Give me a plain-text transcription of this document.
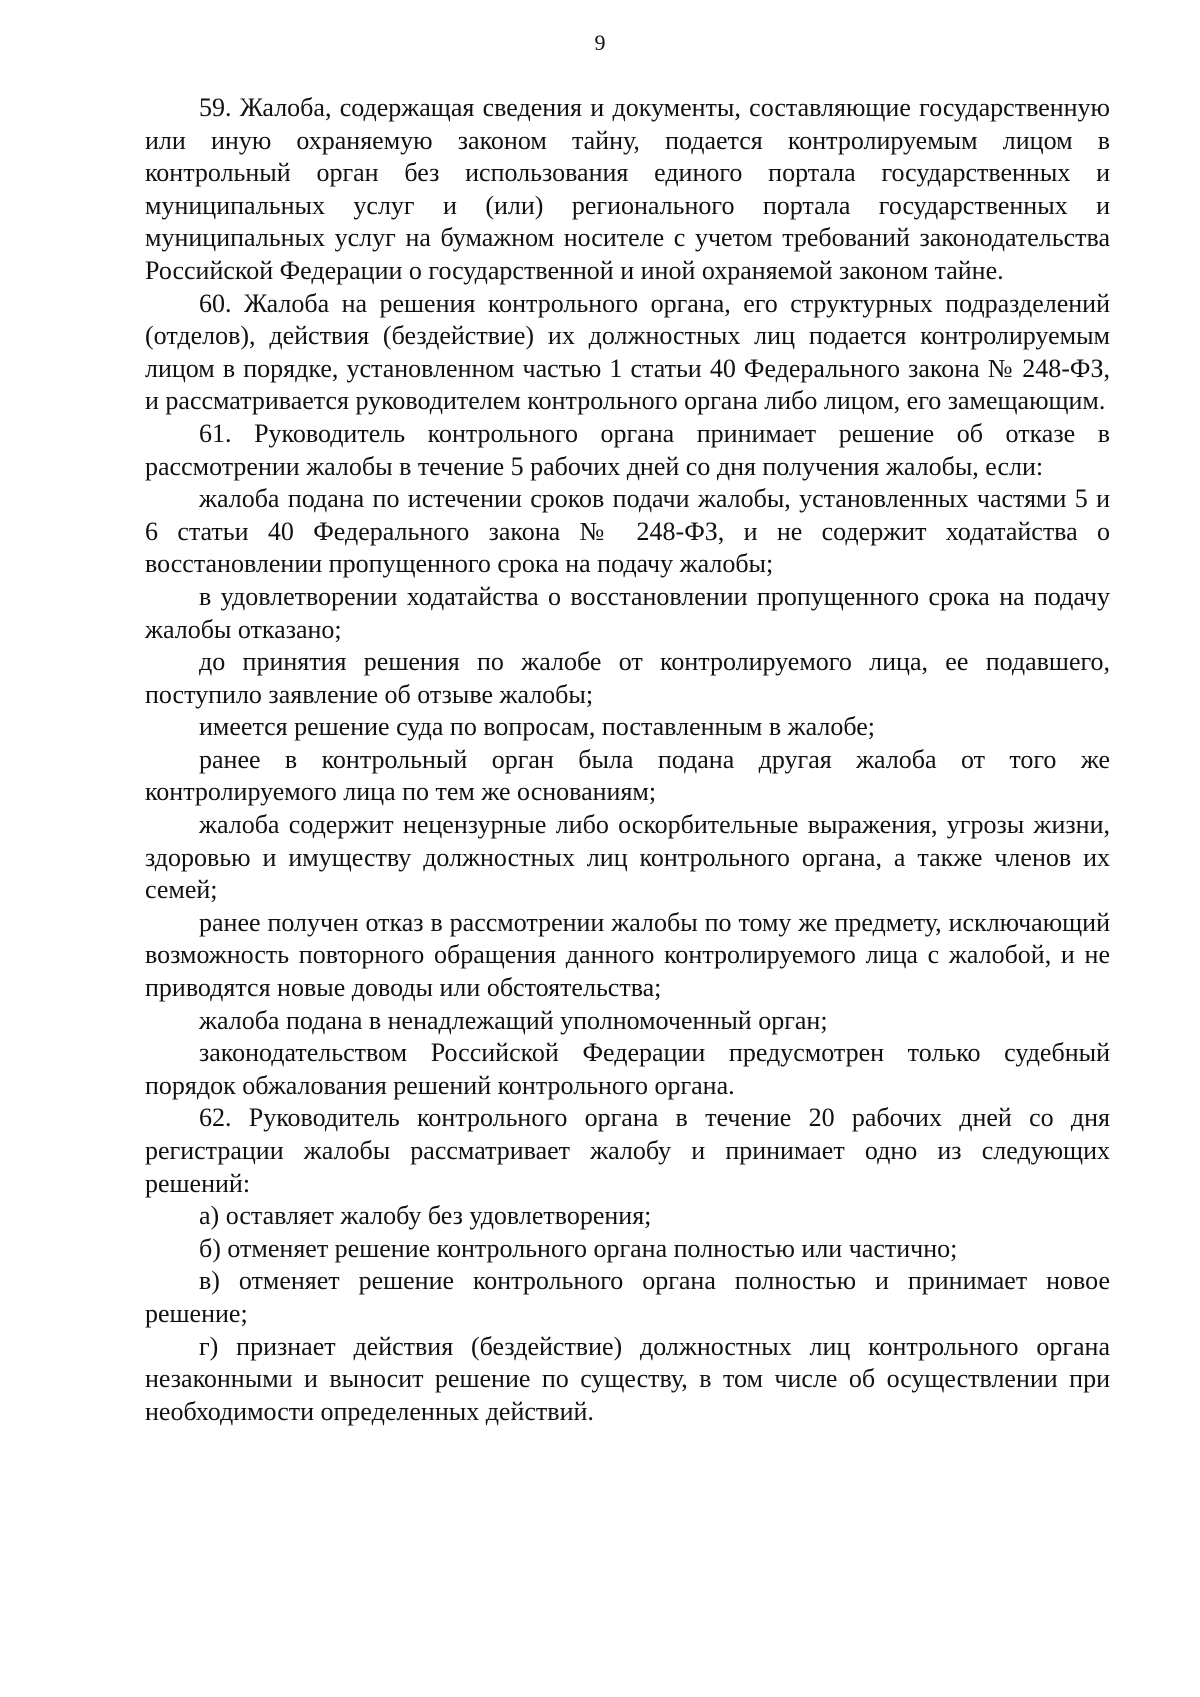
9

59. Жалоба, содержащая сведения и документы, составляющие государственную или иную охраняемую законом тайну, подается контролируемым лицом в контрольный орган без использования единого портала государственных и муниципальных услуг и (или) регионального портала государственных и муниципальных услуг на бумажном носителе с учетом требований законодательства Российской Федерации о государственной и иной охраняемой законом тайне.

60. Жалоба на решения контрольного органа, его структурных подразделений (отделов), действия (бездействие) их должностных лиц подается контролируемым лицом в порядке, установленном частью 1 статьи 40 Федерального закона № 248-ФЗ, и рассматривается руководителем контрольного органа либо лицом, его замещающим.

61. Руководитель контрольного органа принимает решение об отказе в рассмотрении жалобы в течение 5 рабочих дней со дня получения жалобы, если:

жалоба подана по истечении сроков подачи жалобы, установленных частями 5 и 6 статьи 40 Федерального закона № 248-ФЗ, и не содержит ходатайства о восстановлении пропущенного срока на подачу жалобы;

в удовлетворении ходатайства о восстановлении пропущенного срока на подачу жалобы отказано;

до принятия решения по жалобе от контролируемого лица, ее подавшего, поступило заявление об отзыве жалобы;

имеется решение суда по вопросам, поставленным в жалобе;

ранее в контрольный орган была подана другая жалоба от того же контролируемого лица по тем же основаниям;

жалоба содержит нецензурные либо оскорбительные выражения, угрозы жизни, здоровью и имуществу должностных лиц контрольного органа, а также членов их семей;

ранее получен отказ в рассмотрении жалобы по тому же предмету, исключающий возможность повторного обращения данного контролируемого лица с жалобой, и не приводятся новые доводы или обстоятельства;

жалоба подана в ненадлежащий уполномоченный орган;

законодательством Российской Федерации предусмотрен только судебный порядок обжалования решений контрольного органа.

62. Руководитель контрольного органа в течение 20 рабочих дней со дня регистрации жалобы рассматривает жалобу и принимает одно из следующих решений:

а) оставляет жалобу без удовлетворения;

б) отменяет решение контрольного органа полностью или частично;

в) отменяет решение контрольного органа полностью и принимает новое решение;

г) признает действия (бездействие) должностных лиц контрольного органа незаконными и выносит решение по существу, в том числе об осуществлении при необходимости определенных действий.
